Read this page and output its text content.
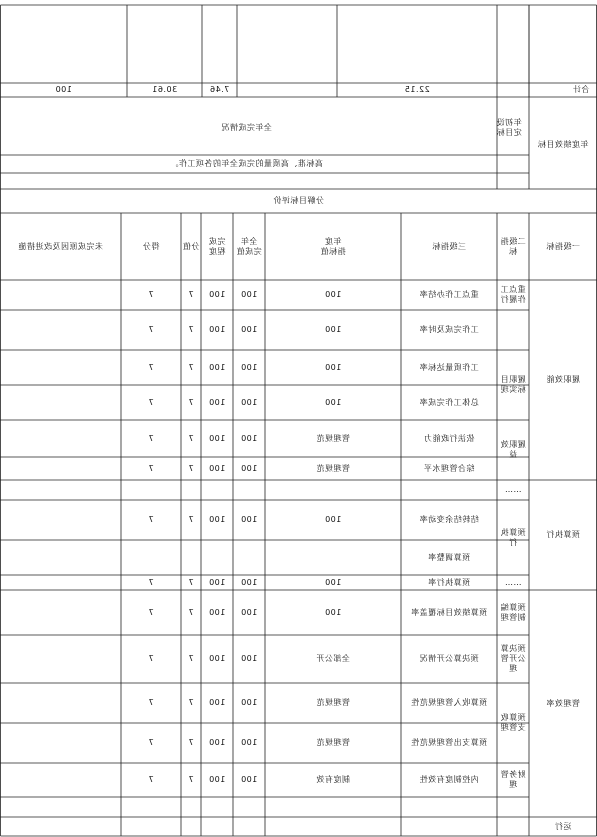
合计
22.15
7.46
30.61
100
年度绩效目标
年初设定目标
全年完成情况
高标准、高质量的完成全年的各项工作。
分解目标评价
一级指标
二级指标
三级指标
年度
指标值
全年
完成值
完成
程度
分值
得分
未完成原因及改进措施
重点工作办结率
100
100
100
7
7
工作完成及时率
100
100
100
7
7
工作质量达标率
100
100
100
7
7
总体工作完成率
100
100
100
7
7
依法行政能力
管理规范
100
100
7
7
综合管理水平
管理规范
100
100
7
7
……
结转结余变动率
100
100
100
7
7
预算调整率
预算执行率
100
100
100
7
7	……
预算绩效目标覆盖率
100
100
100
7
7
预决算公开情况
全部公开
100
100
7
7
预算收入管理规范性
管理规范
100
100
7
7
预算支出管理规范性
管理规范
100
100
7
7
内控制度有效性
制度有效
100
100
7
7
履职效能
预算执行
管理效率
运行
重点工作履行
履职目标实现
履职效益
预算执行
预算编制管理
预决算公开管理
预算收支管理
财务管理
